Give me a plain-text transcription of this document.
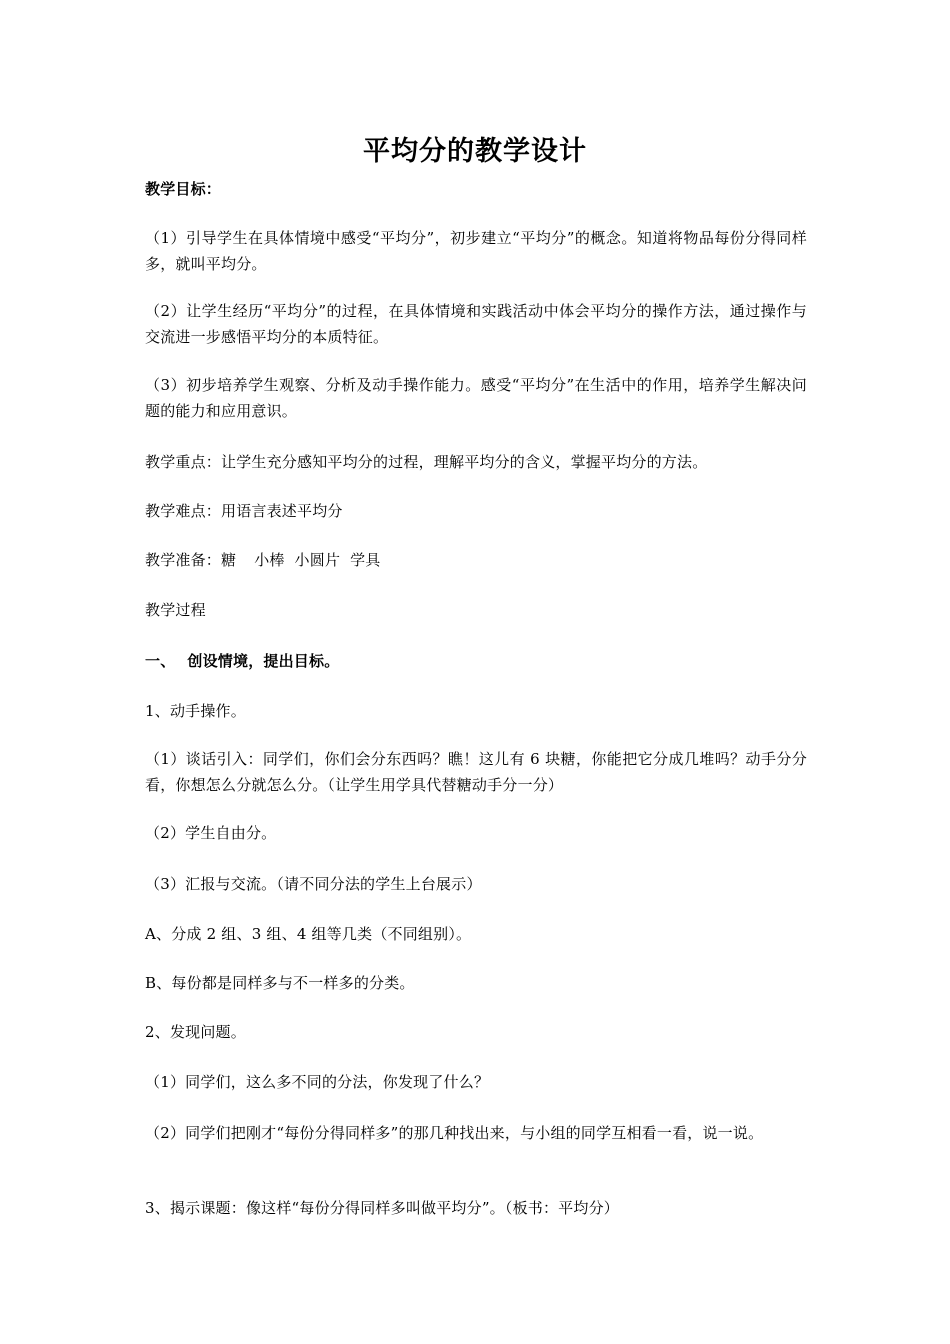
平均分的教学设计
教学目标：
（1）引导学生在具体情境中感受“平均分”，初步建立“平均分”的概念。知道将物品每份分得同样多，就叫平均分。
（2）让学生经历“平均分”的过程，在具体情境和实践活动中体会平均分的操作方法，通过操作与交流进一步感悟平均分的本质特征。
（3）初步培养学生观察、分析及动手操作能力。感受“平均分”在生活中的作用，培养学生解决问题的能力和应用意识。
教学重点：让学生充分感知平均分的过程，理解平均分的含义，掌握平均分的方法。
教学难点：用语言表述平均分
教学准备：糖 小棒  小圆片  学具
教学过程
一、 创设情境，提出目标。
1、动手操作。
（1）谈话引入：同学们，你们会分东西吗？瞧！这儿有 6 块糖，你能把它分成几堆吗？动手分分看，你想怎么分就怎么分。（让学生用学具代替糖动手分一分）
（2）学生自由分。
（3）汇报与交流。（请不同分法的学生上台展示）
A、分成 2 组、3 组、4 组等几类（不同组别）。
B、每份都是同样多与不一样多的分类。
2、发现问题。
（1）同学们，这么多不同的分法，你发现了什么？
（2）同学们把刚才“每份分得同样多”的那几种找出来，与小组的同学互相看一看，说一说。
3、揭示课题：像这样“每份分得同样多叫做平均分”。（板书：平均分）
